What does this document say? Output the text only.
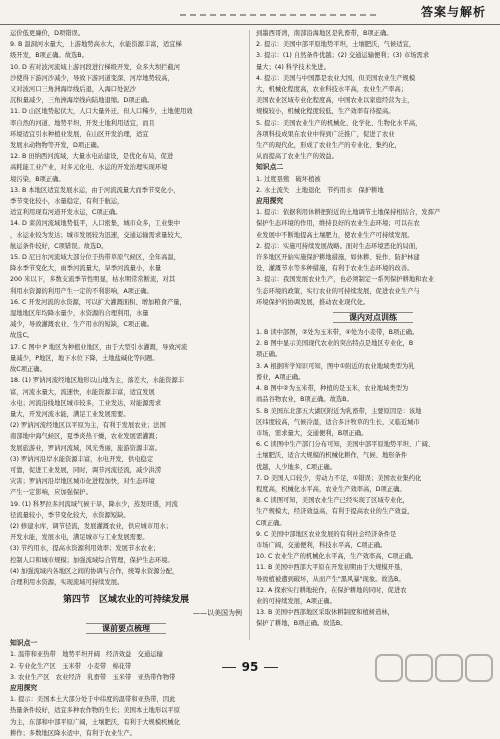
答案与解析

运价低更廉价，D项错误。

9. B 温洞河水量大，上游地势高水大，水能资源丰富，适宜梯

级开发，B项正确。故选B。

10. D 若对波河流域上游河段进行梯级开发，众多大坝拦截河

沙使得下游河沙减少，导致下游河道变深、河岸地势较高，

又对波河口三角洲海岸线后退，入海口处泥沙

沉积量减少，三角洲海岸线向陆地退缩。D项正确。

11. D 山区地势起伏大，人口大量外迁，但人口稀少，土地使用效

率自然的河道、地势平坦、开发土地利用适宜，而且

环境适宜引水种植业发展，在山区开发治理，适宜

发展水动物物等开发，D项正确。

12. B 田纳西河流域，大量水电站建设，是优化布局，促进

高耗能工业产业，对多元化电、水运的开发治理实现环境

境污染，B项正确。

13. B 本地区适宜发展水运，由于河流流量大而季节变化小，

季节变化较小，水量稳定，有利于航运，

适宜利用现有河道开发水运，C项正确。

14. D 莱茵河流域地势低平，人口密集，城市众多，工业集中

，水运业较为发达；城市发展较为迅速，交通运输需求量较大，

航运条件较好，C项错误。故选D。

15. D 尼日尔河流域大部分位于热带草原气候区，全年高温，

降水季节变化大，雨季河流量大，旱季河流量小，水量

200 米以下，多数支流季节性明显，枯水期常常断流，对其

利用水资源的利用产生一定的不利影响，A项正确。

16. C 开发河流的水资源，可以扩大灌溉面积、增加粮食产量，

湿地地区年均降水量少，水资源的合理利用，水量

减少，导致灌溉农业、生产用水的短缺，C项正确。

故选C。

17. C 图中 P 地区为种植业地区，由于大型引水灌溉，导致河流

量减少，P地区，地下水位下降，土地盐碱化等问题。

故C项正确。

18. (1) 罗讷河流经地区地形以山地为主，落差大，水能资源丰

富，河流水量大，流速快，水能资源丰富，适宜发展

水电；河流沿线地区城市较多，工业发达，对能源需求

量大，开发河流水能，满足工业发展需要。

(2) 罗讷河流经地区以平原为主，有利于发展农业；法国

南部地中海气候区，夏季炎热干燥，农业发展需灌溉；

发展旅游业，罗讷河流域，风光秀丽，旅游资源丰富。

(3) 罗讷河沿岸水能资源丰富，水电开发，供电稳定

可靠，促进工业发展，同时，调节河流径流，减少洪涝

灾害；罗讷河沿岸地区城市化进程加快，对生态环境

产生一定影响，应加强保护。

19. (1) 科罗拉多河流域气候干旱，降水少，蒸发旺盛，河流

径流量较小，季节变化较大，水资源短缺。

(2) 修建水库，调节径流，发展灌溉农业，供应城市用水；

开发水能，发展水电，满足城市与工业发展需要。

(3) 节约用水，提高水资源利用效率；发展节水农业；

控制人口和城市规模；加强流域综合管理，保护生态环境。

(4) 加强流域内各地区之间的协调与合作，统筹水资源分配，

合理利用水资源，实现流域可持续发展。

第四节　区域农业的可持续发展
——以美国为例
课前要点梳理

知识点一

1. 温带和亚热带　地势平坦开阔　经济效益　交通运输

2. 专业化生产区　玉米带　小麦带　棉花带

3. 农业生产区　农业经济　乳畜带　玉米带　亚热带作物带

应用探究

1. 提示：美国本土大部分处于中纬度的温带和亚热带，因此

热量条件较好，适宜多种农作物的生长；美国本土地形以平原

为主，东部和中部平原广阔，土壤肥沃，有利于大规模机械化

耕作；多数地区降水适中，有利于农业生产。

到墨西哥湾，南部沿海地区是乳畜带，B项正确。

2. 提示：美国中部平原地势平坦，土壤肥沃，气候适宜，

3. 提示：(1) 自然条件优越；(2) 交通运输便利；(3) 市场需求

量大；(4) 科学技术先进。

4. 提示：美国与中国都是农业大国，但美国农业生产规模

大，机械化程度高，农业科技水平高，农业生产率高；

美国农业区域专业化程度高，中国农业以家庭经营为主，

规模较小，机械化程度较低，生产效率有待提高。

5. 提示：美国农业生产的机械化、化学化、生物化水平高，

各项科技成果在农业中得到广泛推广，促进了农业

生产的现代化，形成了农业生产的专业化、集约化，

从而提高了农业生产的效益。

知识点二

1. 过度垦殖　破坏植被

2. 水土流失　土地退化　节约用水　保护耕地

应用探究

1. 提示：依据利用休耕把附近的土地调节土地保持相结合，发挥产

保护生态环境的作用，维持良好的农业生态环境；可以在农

业发展中不断地提高土壤肥力，使农业生产可持续发展。

2. 提示：实施可持续发展战略。面对生态环境恶化的局面，

许多地区开始实施保护耕地措施，如休耕、轮作、防护林建

设、灌溉节水等多种措施，有利于农业生态环境的改善。

3. 提示：我国发展农业生产，也必须制定一系列保护耕地和农业

生态环境的政策，实行农业的可持续发展，促进农业生产与

环境保护的协调发展，推动农业现代化。

课内对点训练

1. B 读中部图，②处为玉米带，④处为小麦带，B项正确。

2. B 图中显示美国现代农业的突出特点是地区专业化，B

项正确。

3. A 根据所学知识可知，图中①附近的农业地域类型为乳

畜业，A项正确。

4. B 图中②为玉米带，种植的是玉米，农业地域类型为

商品谷物农业，B项正确。故选B。

5. B 美国东北部五大湖区附近为乳畜带，主要原因是：该地

区纬度较高，气候冷湿，适合多汁牧草的生长，又临近城市

市场，需求量大，交通便利，B项正确。

6. C 读图中生产部门分布可知，美国中部平原地势平坦、广阔、

土壤肥沃，适合大规模的机械化耕作，气候、地形条件

优越，人少地多，C项正确。

7. D 美国人口较少，劳动力不足，①错误；美国农业集约化

程度高，机械化水平高，农业生产效率高，D项正确。

8. C 读图可知，美国农业生产已经实现了区域专业化，

生产规模大，经济效益高，有利于提高农业的生产效益，

C项正确。

9. C 美国中部地区农业发展的有利社会经济条件是

市场广阔，交通便利，科技水平高，C项正确。

10. C 农业生产的机械化水平高，生产效率高，C项正确。

11. B 美国中西部大平原在开发初期由于大规模开垦，

导致植被遭到破坏，从而产生"黑风暴"现象。故选B。

12. A 探索实行耕地轮作，在保护耕地的同时，促进农

业的可持续发展，A项正确。

13. B 美国中西部地区采取休耕制度和植树造林，

保护了耕地，B项正确。故选B。

95
